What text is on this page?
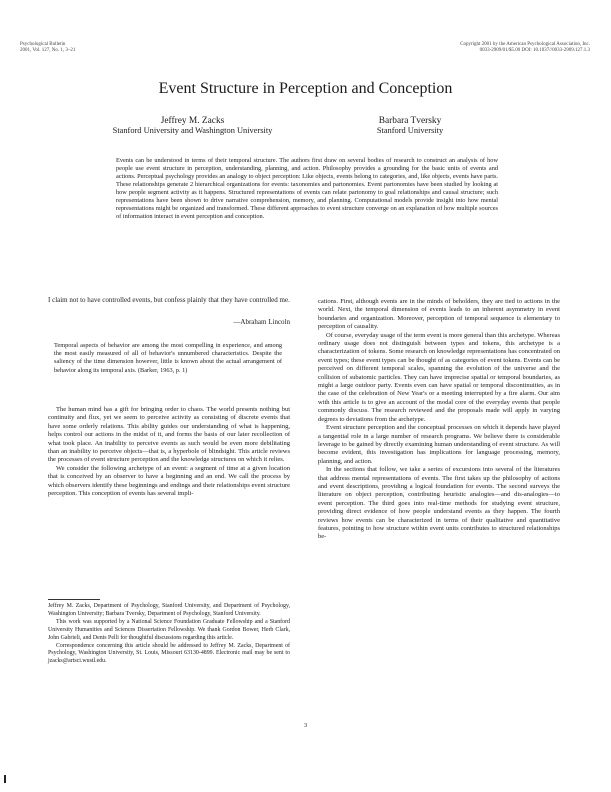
Psychological Bulletin
2001, Vol. 127, No. 1, 3–21
Copyright 2001 by the American Psychological Association, Inc.
0033-2909/01/$5.00 DOI: 10.1037//0033-2909.127.1.3
Event Structure in Perception and Conception
Jeffrey M. Zacks
Stanford University and Washington University
Barbara Tversky
Stanford University

Events can be understood in terms of their temporal structure. The authors first draw on several bodies of research to construct an analysis of how people use event structure in perception, understanding, planning, and action. Philosophy provides a grounding for the basic units of events and actions. Perceptual psychology provides an analogy to object perception: Like objects, events belong to categories, and, like objects, events have parts. These relationships generate 2 hierarchical organizations for events: taxonomies and partonomies. Event partonomies have been studied by looking at how people segment activity as it happens. Structured representations of events can relate partonomy to goal relationships and causal structure; such representations have been shown to drive narrative comprehension, memory, and planning. Computational models provide insight into how mental representations might be organized and transformed. These different approaches to event structure converge on an explanation of how multiple sources of information interact in event perception and conception.

I claim not to have controlled events, but confess plainly that they have controlled me.

—Abraham Lincoln

Temporal aspects of behavior are among the most compelling in experience, and among the most easily measured of all of behavior's unnumbered characteristics. Despite the saliency of the time dimension however, little is known about the actual arrangement of behavior along its temporal axis. (Barker, 1963, p. 1)

The human mind has a gift for bringing order to chaos. The world presents nothing but continuity and flux, yet we seem to perceive activity as consisting of discrete events that have some orderly relations. This ability guides our understanding of what is happening, helps control our actions in the midst of it, and forms the basis of our later recollection of what took place. An inability to perceive events as such would be even more debilitating than an inability to perceive objects—that is, a hyperbole of blindsight. This article reviews the processes of event structure perception and the knowledge structures on which it relies.

We consider the following archetype of an event: a segment of time at a given location that is conceived by an observer to have a beginning and an end. We call the process by which observers identify these beginnings and endings and their relationships event structure perception. This conception of events has several impli-

Jeffrey M. Zacks, Department of Psychology, Stanford University, and Department of Psychology, Washington University; Barbara Tversky, Department of Psychology, Stanford University.

This work was supported by a National Science Foundation Graduate Fellowship and a Stanford University Humanities and Sciences Dissertation Fellowship. We thank Gordon Bower, Herb Clark, John Gabrieli, and Denis Pelli for thoughtful discussions regarding this article.

Correspondence concerning this article should be addressed to Jeffrey M. Zacks, Department of Psychology, Washington University, St. Louis, Missouri 63130-4899. Electronic mail may be sent to jzacks@artsci.wustl.edu.

cations. First, although events are in the minds of beholders, they are tied to actions in the world. Next, the temporal dimension of events leads to an inherent asymmetry in event boundaries and organization. Moreover, perception of temporal sequence is elementary to perception of causality.

Of course, everyday usage of the term event is more general than this archetype. Whereas ordinary usage does not distinguish between types and tokens, this archetype is a characterization of tokens. Some research on knowledge representations has concentrated on event types; these event types can be thought of as categories of event tokens. Events can be perceived on different temporal scales, spanning the evolution of the universe and the collision of subatomic particles. They can have imprecise spatial or temporal boundaries, as might a large outdoor party. Events even can have spatial or temporal discontinuities, as in the case of the celebration of New Year's or a meeting interrupted by a fire alarm. Our aim with this article is to give an account of the modal core of the everyday events that people commonly discuss. The research reviewed and the proposals made will apply in varying degrees to deviations from the archetype.

Event structure perception and the conceptual processes on which it depends have played a tangential role in a large number of research programs. We believe there is considerable leverage to be gained by directly examining human understanding of event structure. As will become evident, this investigation has implications for language processing, memory, planning, and action.

In the sections that follow, we take a series of excursions into several of the literatures that address mental representations of events. The first takes up the philosophy of actions and event descriptions, providing a logical foundation for events. The second surveys the literature on object perception, contributing heuristic analogies—and dis-analogies—to event perception. The third goes into real-time methods for studying event structure, providing direct evidence of how people understand events as they happen. The fourth reviews how events can be characterized in terms of their qualitative and quantitative features, pointing to how structure within event units contributes to structured relationships be-

3
